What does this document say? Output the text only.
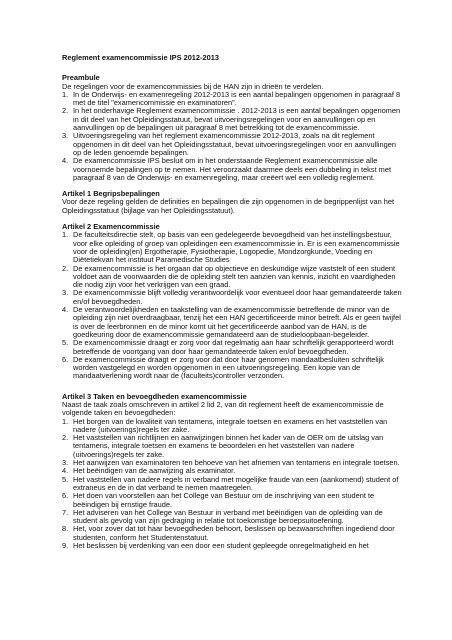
Reglement examencommissie IPS 2012-2013

Preambule

De regelingen voor de examencommissies bij de HAN zijn in drieën te verdelen.

1. In de Onderwijs- en examenregeling 2012-2013 is een aantal bepalingen opgenomen in paragraaf 8 met de titel "examencommissie en examinatoren".
2. In het onderhavige Reglement examencommissie . 2012-2013 is een aantal bepalingen opgenomen in dit deel van het Opleidingsstatuut, bevat uitvoeringsregelingen voor en aanvullingen op en aanvullingen op de bepalingen uit paragraaf 8 met betrekking tot de examencommissie.
3. Uitvoeringsregeling van het reglement examencommissie 2012-2013, zoals na dit reglement opgenomen in dit deel van het Opleidingsstatuut, bevat uitvoeringsregelingen voor en aanvullingen op de leden genoemde bepalingen.
4. De examencommissie IPS besluit om in het onderstaande Reglement examencommissie alle voornoemde bepalingen op te nemen. Het veroorzaakt daarmee deels een dubbeling in tekst met paragraaf 8 van de Onderwijs- en examenregeling, maar creëert wel een volledig reglement.

Artikel 1 Begripsbepalingen

Voor deze regeling gelden de definities en bepalingen die zijn opgenomen in de begrippenlijst van het Opleidingsstatuut (bijlage van het Opleidingsstatuut).

Artikel 2 Examencommissie

1. De faculteitsdirectie stelt, op basis van een gedelegeerde bevoegdheid van het instellingsbestuur, voor elke opleiding of groep van opleidingen een examencommissie in. Er is een examencommissie voor de opleiding(en) Ergotherapie, Fysiotherapie, Logopedie, Mondzorgkunde, Voeding en Diëtetiekvan het instituut Paramedische Studies
2. De examencommissie is het orgaan dat op objectieve en deskundige wijze vaststelt of een student voldoet aan de voorwaarden die de opleiding stelt ten aanzien van kennis, inzicht en vaardigheden die nodig zijn voor het verkrijgen van een graad.
3. De examencommissie blijft volledig verantwoordelijk voor eventueel door haar gemandateerde taken en/of bevoegdheden.
4. De verantwoordelijkheden en taakstelling van de examencommissie betreffende de minor van de opleiding zijn niet overdraagbaar, tenzij het een HAN gecertificeerde minor betreft. Als er geen twijfel is over de leerbronnen en de minor komt uit het gecertificeerde aanbod van de HAN, is de goedkeuring door de examencommissie gemandateerd aan de studieloopbaan-begeleider.
5. De examencommissie draagt er zorg voor dat regelmatig aan haar schriftelijk gerapporteerd wordt betreffende de voortgang van door haar gemandateerde taken en/of bevoegdheden.
6. De examencommissie draagt er zorg voor dat door haar genomen mandaatbesluiten schriftelijk worden vastgelegd en worden opgenomen in een uitvoeringsregeling. Een kopie van de mandaatverlening wordt naar de (faculteits)controller verzonden.

Artikel 3 Taken en bevoegdheden examencommissie

Naast de taak zoals omschreven in artikel 2 lid 2, van dit reglement heeft de examencommissie de volgende taken en bevoegdheden:

1. Het borgen van de kwaliteit van tentamens, integrale toetsen en examens en het vaststellen van nadere (uitvoerings)regels ter zake.
2. Het vaststellen van richtlijnen en aanwijzingen binnen het kader van de OER om de uitslag van tentamens, integrale toetsen en examens te beoordelen en het vaststellen van nadere (uitvoerings)regels ter zake.
3. Het aanwijzen van examinatoren ten behoeve van het afnemen van tentamens en integrale toetsen.
4. Het beëindigen van de aanwijzing als examinator.
5. Het vaststellen van nadere regels in verband met mogelijke fraude van een (aankomend) student of extraneus en de in dat verband te nemen maatregelen.
6. Het doen van voorstellen aan het College van Bestuur om de inschrijving van een student te beëindigen bij ernstige fraude.
7. Het adviseren van het College van Bestuur in verband met beëindigen van de opleiding van de student als gevolg van zijn gedraging in relatie tot toekomstige beroepsuitoefening.
8. Het, voor zover dat tot haar bevoegdheden behoort, beslissen op bezwaarschriften ingediend door studenten, conform het Studentenstatuut.
9. Het beslissen bij verdenking van een door een student gepleegde onregelmatigheid en het
